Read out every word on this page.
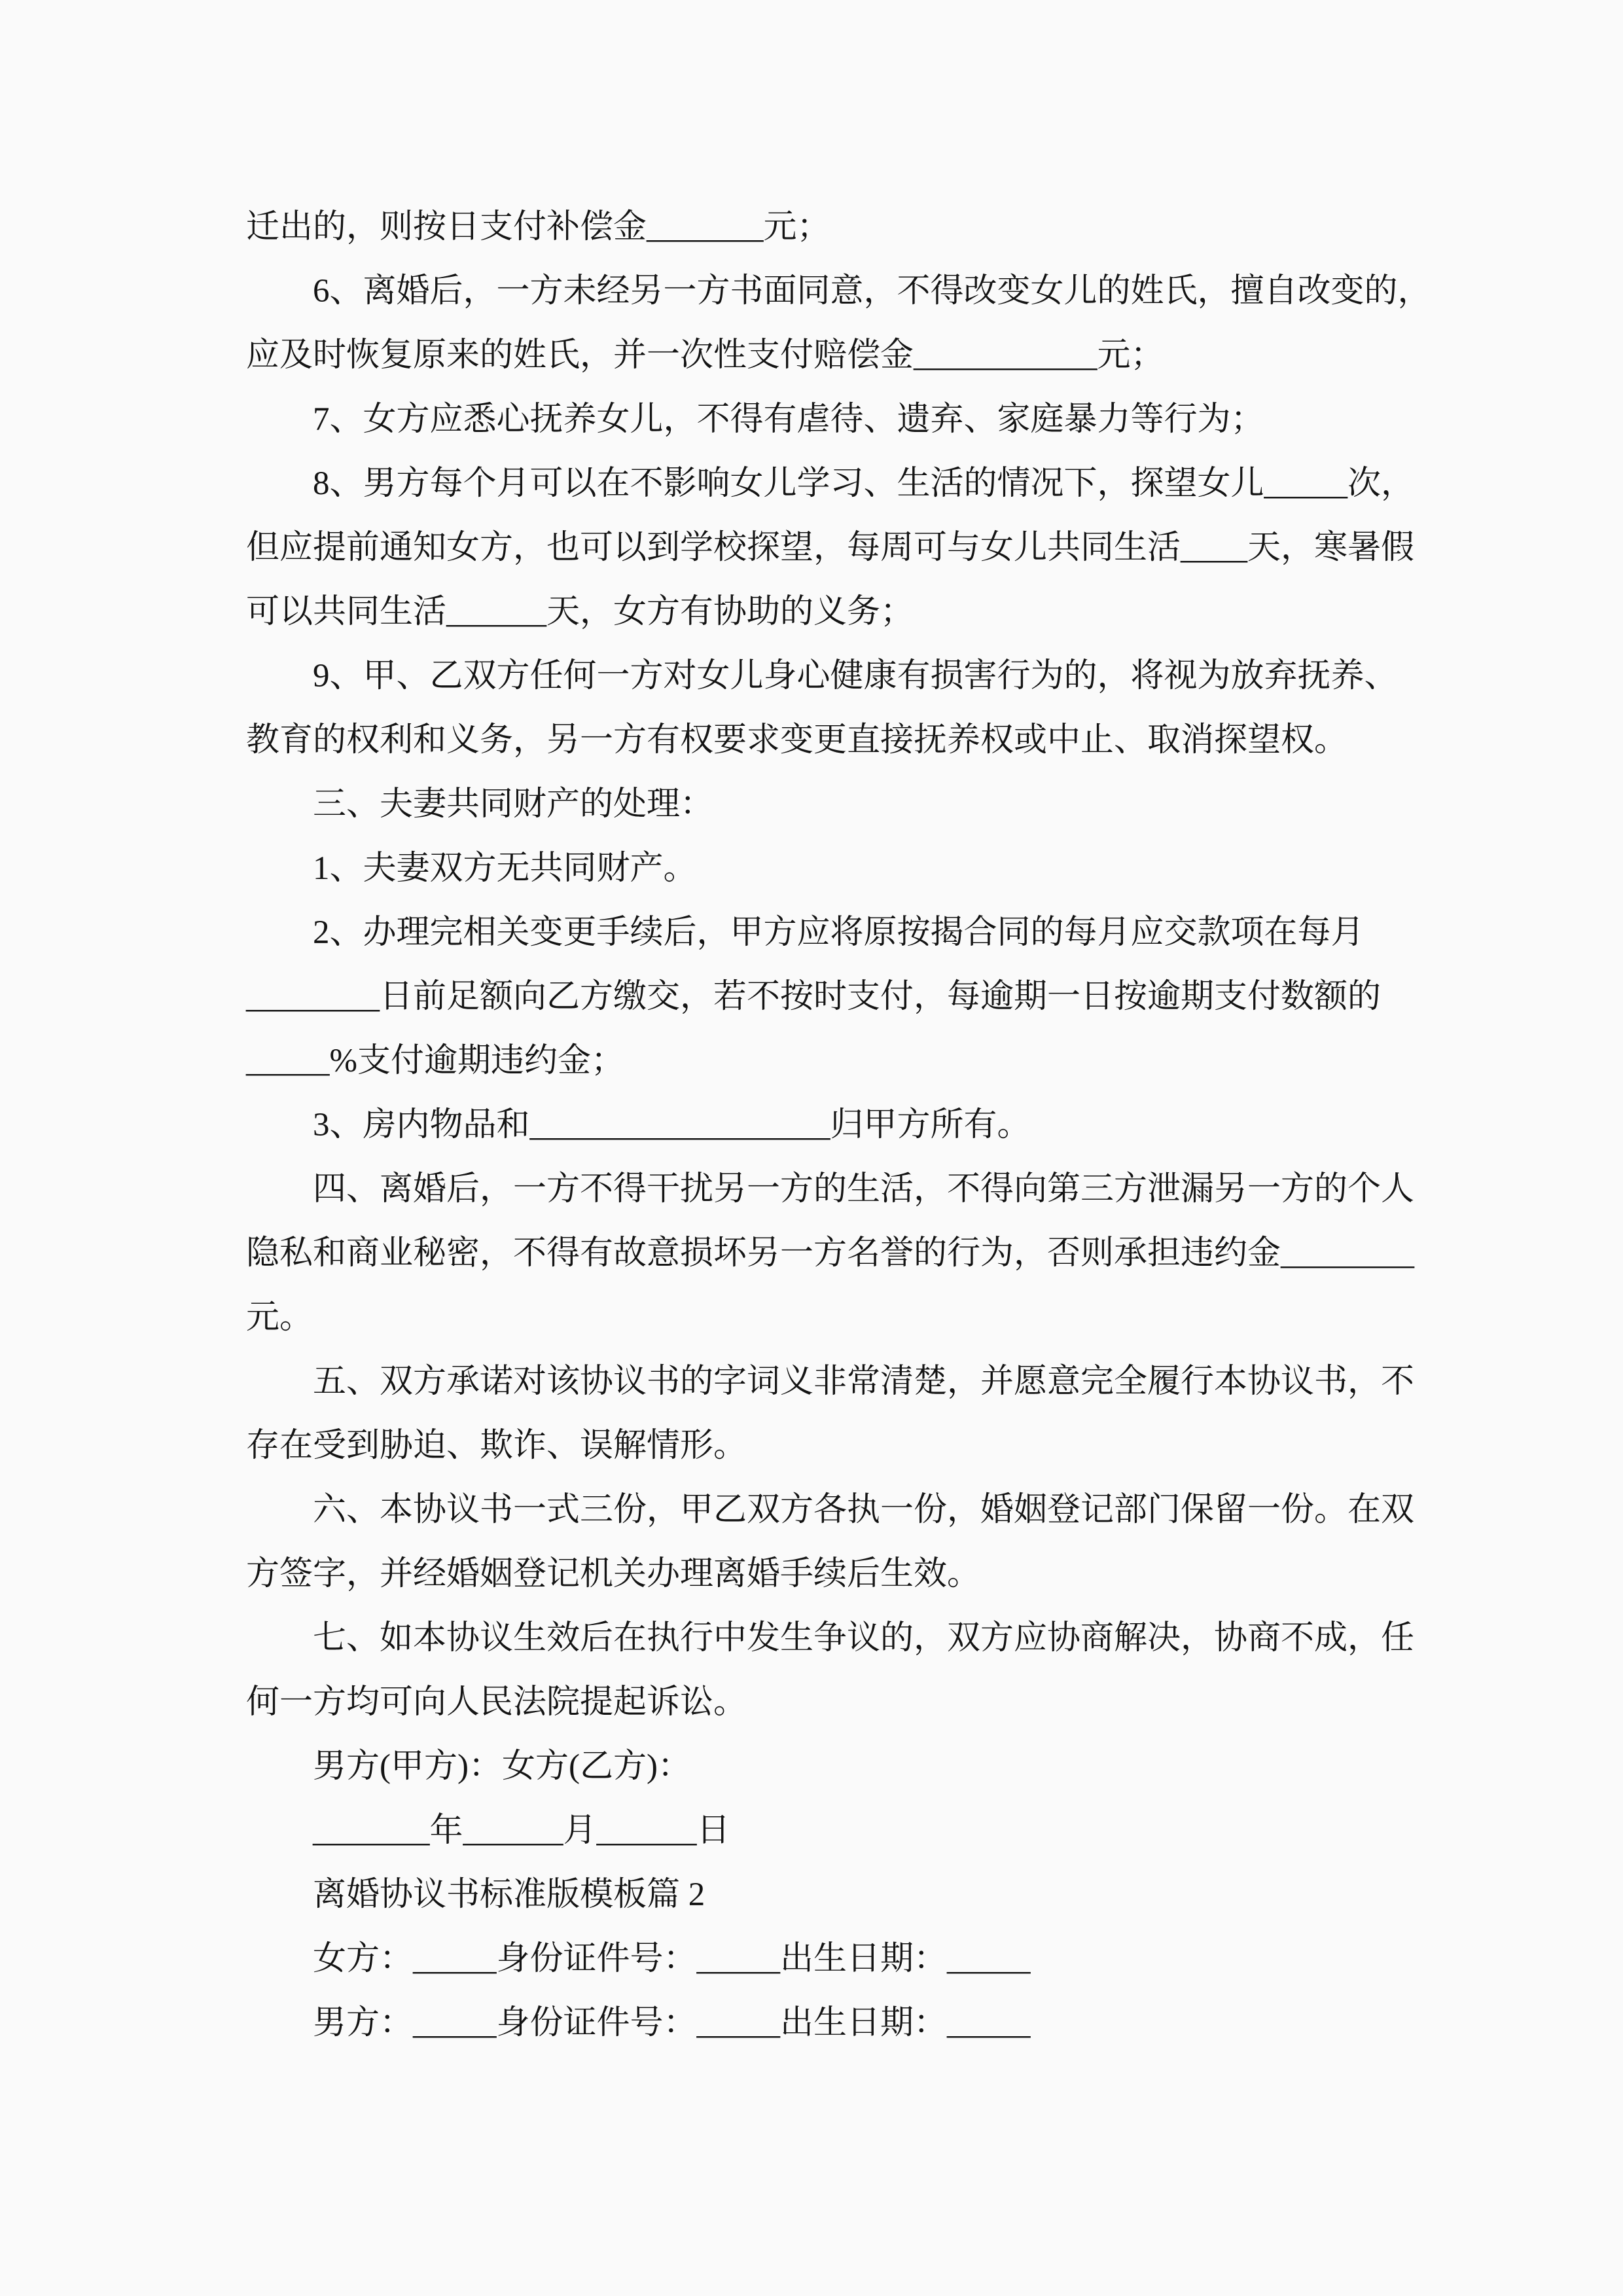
迁出的，则按日支付补偿金_______元；
6、离婚后，一方未经另一方书面同意，不得改变女儿的姓氏，擅自改变的，
应及时恢复原来的姓氏，并一次性支付赔偿金___________元；
7、女方应悉心抚养女儿，不得有虐待、遗弃、家庭暴力等行为；
8、男方每个月可以在不影响女儿学习、生活的情况下，探望女儿_____次，
但应提前通知女方，也可以到学校探望，每周可与女儿共同生活____天，寒暑假
可以共同生活______天，女方有协助的义务；
9、甲、乙双方任何一方对女儿身心健康有损害行为的，将视为放弃抚养、
教育的权利和义务，另一方有权要求变更直接抚养权或中止、取消探望权。
三、夫妻共同财产的处理：
1、夫妻双方无共同财产。
2、办理完相关变更手续后，甲方应将原按揭合同的每月应交款项在每月
________日前足额向乙方缴交，若不按时支付，每逾期一日按逾期支付数额的
_____%支付逾期违约金；
3、房内物品和__________________归甲方所有。
四、离婚后，一方不得干扰另一方的生活，不得向第三方泄漏另一方的个人
隐私和商业秘密，不得有故意损坏另一方名誉的行为，否则承担违约金________
元。
五、双方承诺对该协议书的字词义非常清楚，并愿意完全履行本协议书，不
存在受到胁迫、欺诈、误解情形。
六、本协议书一式三份，甲乙双方各执一份，婚姻登记部门保留一份。在双
方签字，并经婚姻登记机关办理离婚手续后生效。
七、如本协议生效后在执行中发生争议的，双方应协商解决，协商不成，任
何一方均可向人民法院提起诉讼。
男方(甲方)：女方(乙方)：
_______年______月______日
离婚协议书标准版模板篇 2
女方：_____身份证件号：_____出生日期：_____
男方：_____身份证件号：_____出生日期：_____
